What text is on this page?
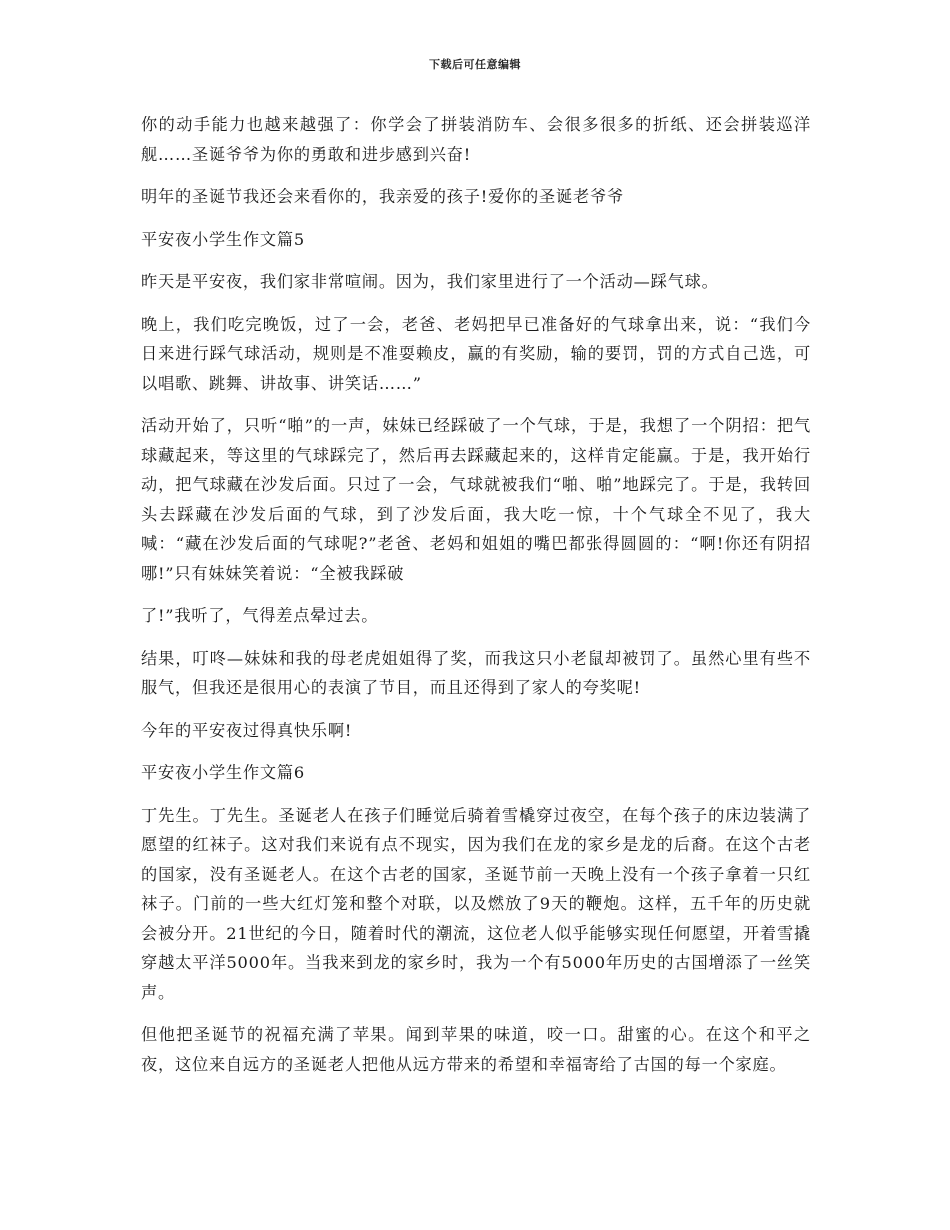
下载后可任意编辑

你的动手能力也越来越强了：你学会了拼装消防车、会很多很多的折纸、还会拼装巡洋舰……圣诞爷爷为你的勇敢和进步感到兴奋!

明年的圣诞节我还会来看你的，我亲爱的孩子!爱你的圣诞老爷爷

平安夜小学生作文篇5

昨天是平安夜，我们家非常喧闹。因为，我们家里进行了一个活动—踩气球。

晚上，我们吃完晚饭，过了一会，老爸、老妈把早已准备好的气球拿出来，说：“我们今日来进行踩气球活动，规则是不准耍赖皮，赢的有奖励，输的要罚，罚的方式自己选，可以唱歌、跳舞、讲故事、讲笑话……”

活动开始了，只听“啪”的一声，妹妹已经踩破了一个气球，于是，我想了一个阴招：把气球藏起来，等这里的气球踩完了，然后再去踩藏起来的，这样肯定能赢。于是，我开始行动，把气球藏在沙发后面。只过了一会，气球就被我们“啪、啪”地踩完了。于是，我转回头去踩藏在沙发后面的气球，到了沙发后面，我大吃一惊，十个气球全不见了，我大喊：“藏在沙发后面的气球呢?”老爸、老妈和姐姐的嘴巴都张得圆圆的：“啊!你还有阴招哪!”只有妹妹笑着说：“全被我踩破

了!”我听了，气得差点晕过去。

结果，叮咚—妹妹和我的母老虎姐姐得了奖，而我这只小老鼠却被罚了。虽然心里有些不服气，但我还是很用心的表演了节目，而且还得到了家人的夸奖呢!

今年的平安夜过得真快乐啊!

平安夜小学生作文篇6

丁先生。丁先生。圣诞老人在孩子们睡觉后骑着雪橇穿过夜空，在每个孩子的床边装满了愿望的红袜子。这对我们来说有点不现实，因为我们在龙的家乡是龙的后裔。在这个古老的国家，没有圣诞老人。在这个古老的国家，圣诞节前一天晚上没有一个孩子拿着一只红袜子。门前的一些大红灯笼和整个对联，以及燃放了9天的鞭炮。这样，五千年的历史就会被分开。21世纪的今日，随着时代的潮流，这位老人似乎能够实现任何愿望，开着雪撬穿越太平洋5000年。当我来到龙的家乡时，我为一个有5000年历史的古国增添了一丝笑声。

但他把圣诞节的祝福充满了苹果。闻到苹果的味道，咬一口。甜蜜的心。在这个和平之夜，这位来自远方的圣诞老人把他从远方带来的希望和幸福寄给了古国的每一个家庭。
